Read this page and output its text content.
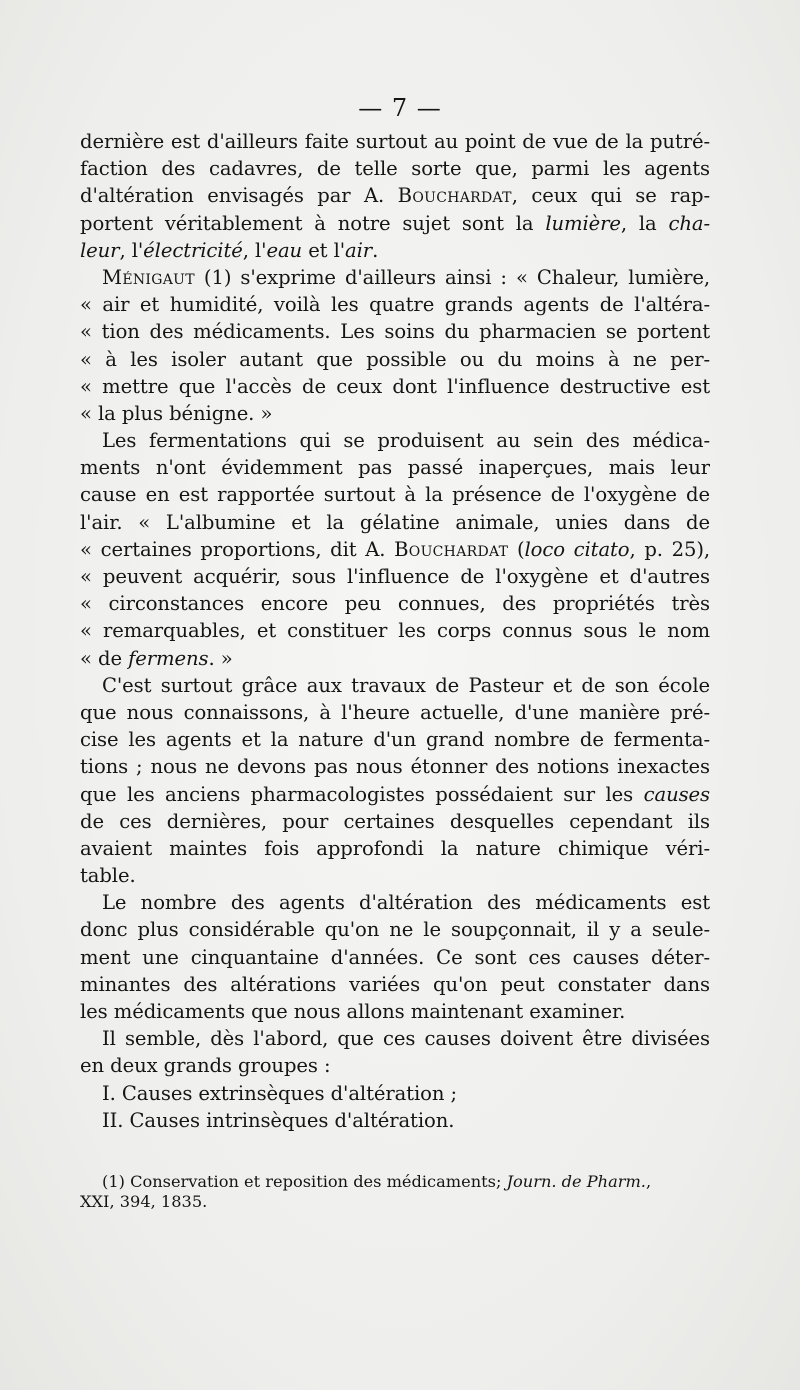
— 7 —
dernière est d'ailleurs faite surtout au point de vue de la putré-
faction des cadavres, de telle sorte que, parmi les agents
d'altération envisagés par A. Bouchardat, ceux qui se rap-
portent véritablement à notre sujet sont la lumière, la cha-
leur, l'électricité, l'eau et l'air.
Ménigaut (1) s'exprime d'ailleurs ainsi : « Chaleur, lumière,
« air et humidité, voilà les quatre grands agents de l'altéra-
« tion des médicaments. Les soins du pharmacien se portent
« à les isoler autant que possible ou du moins à ne per-
« mettre que l'accès de ceux dont l'influence destructive est
« la plus bénigne. »
Les fermentations qui se produisent au sein des médica-
ments n'ont évidemment pas passé inaperçues, mais leur
cause en est rapportée surtout à la présence de l'oxygène de
l'air. « L'albumine et la gélatine animale, unies dans de
« certaines proportions, dit A. Bouchardat (loco citato, p. 25),
« peuvent acquérir, sous l'influence de l'oxygène et d'autres
« circonstances encore peu connues, des propriétés très
« remarquables, et constituer les corps connus sous le nom
« de fermens. »
C'est surtout grâce aux travaux de Pasteur et de son école
que nous connaissons, à l'heure actuelle, d'une manière pré-
cise les agents et la nature d'un grand nombre de fermenta-
tions ; nous ne devons pas nous étonner des notions inexactes
que les anciens pharmacologistes possédaient sur les causes
de ces dernières, pour certaines desquelles cependant ils
avaient maintes fois approfondi la nature chimique véri-
table.
Le nombre des agents d'altération des médicaments est
donc plus considérable qu'on ne le soupçonnait, il y a seule-
ment une cinquantaine d'années. Ce sont ces causes déter-
minantes des altérations variées qu'on peut constater dans
les médicaments que nous allons maintenant examiner.
Il semble, dès l'abord, que ces causes doivent être divisées
en deux grands groupes :
I. Causes extrinsèques d'altération ;
II. Causes intrinsèques d'altération.
(1) Conservation et reposition des médicaments; Journ. de Pharm.,
XXI, 394, 1835.
